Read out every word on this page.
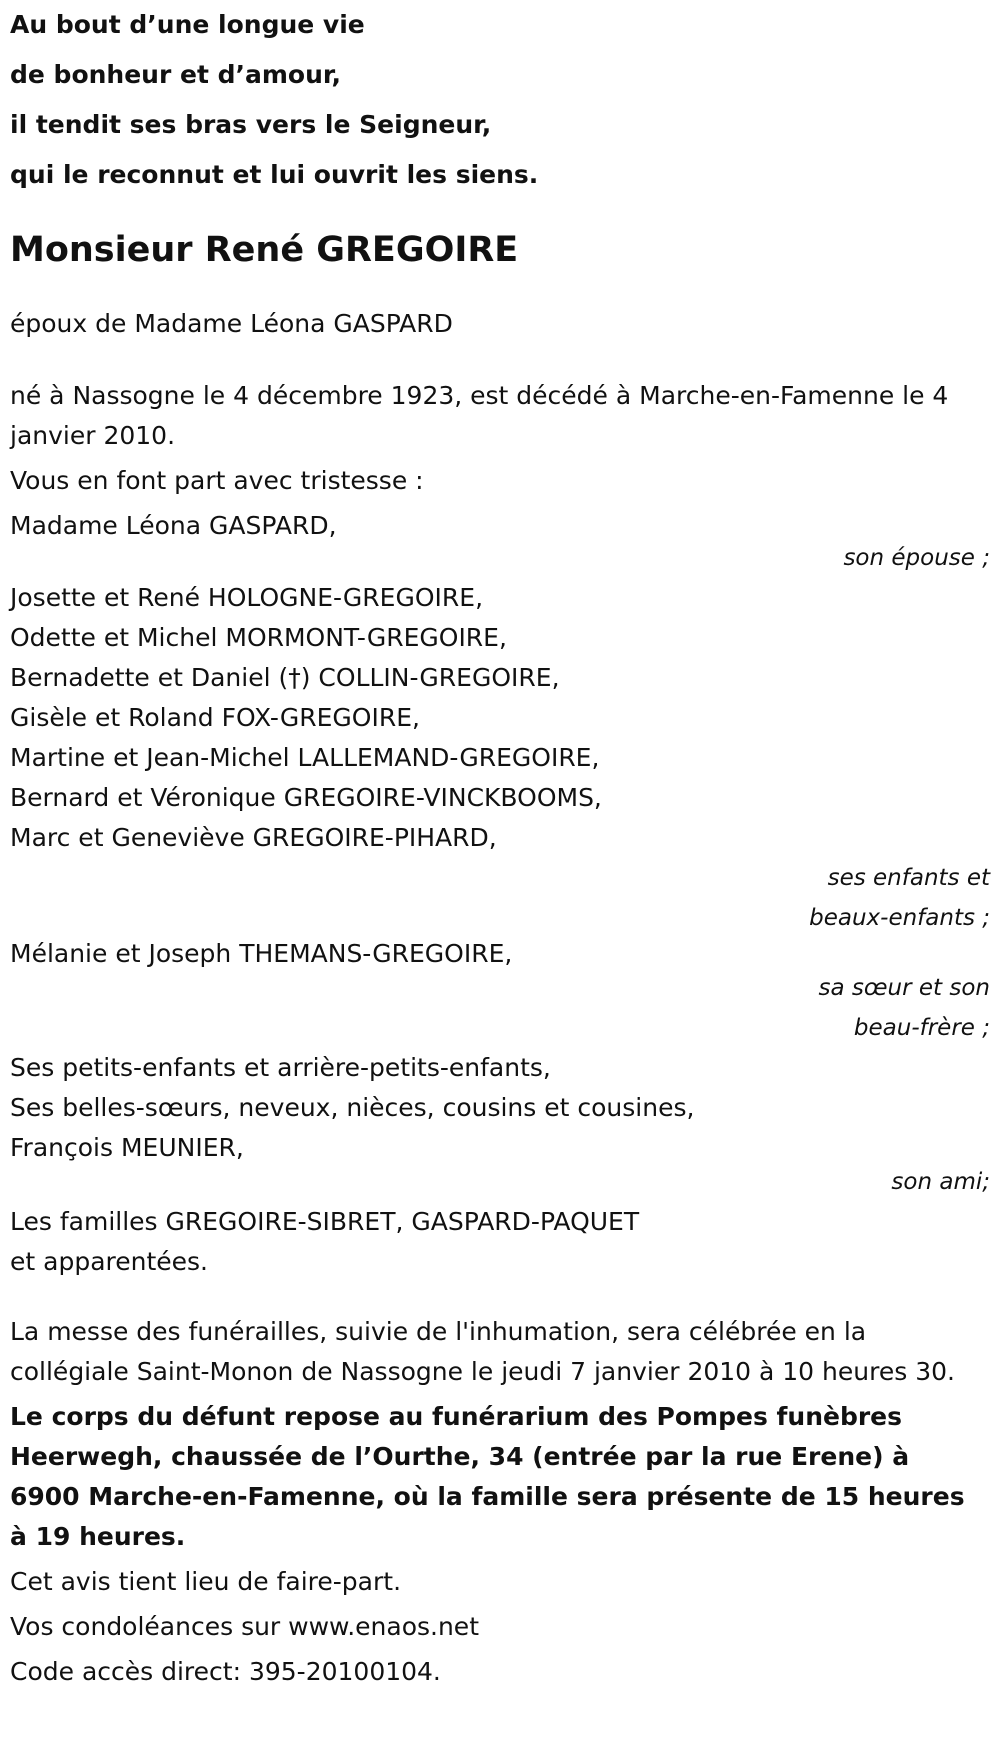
Au bout d’une longue vie
de bonheur et d’amour,
il tendit ses bras vers le Seigneur,
qui le reconnut et lui ouvrit les siens.
Monsieur René GREGOIRE
époux de Madame Léona GASPARD
né à Nassogne le 4 décembre 1923, est décédé à Marche-en-Famenne le 4 janvier 2010.
Vous en font part avec tristesse :
Madame Léona GASPARD,
son épouse ;
Josette et René HOLOGNE-GREGOIRE,
Odette et Michel MORMONT-GREGOIRE,
Bernadette et Daniel (†) COLLIN-GREGOIRE,
Gisèle et Roland FOX-GREGOIRE,
Martine et Jean-Michel LALLEMAND-GREGOIRE,
Bernard et Véronique GREGOIRE-VINCKBOOMS,
Marc et Geneviève GREGOIRE-PIHARD,
ses enfants et
beaux-enfants ;
Mélanie et Joseph THEMANS-GREGOIRE,
sa sœur et son
beau-frère ;
Ses petits-enfants et arrière-petits-enfants,
Ses belles-sœurs, neveux, nièces, cousins et cousines,
François MEUNIER,
son ami;
Les familles GREGOIRE-SIBRET, GASPARD-PAQUET
et apparentées.
La messe des funérailles, suivie de l'inhumation, sera célébrée en la collégiale Saint-Monon de Nassogne le jeudi 7 janvier 2010 à 10 heures 30.
Le corps du défunt repose au funérarium des Pompes funèbres Heerwegh, chaussée de l’Ourthe, 34 (entrée par la rue Erene) à 6900 Marche-en-Famenne, où la famille sera présente de 15 heures à 19 heures.
Cet avis tient lieu de faire-part.
Vos condoléances sur www.enaos.net
Code accès direct: 395-20100104.
